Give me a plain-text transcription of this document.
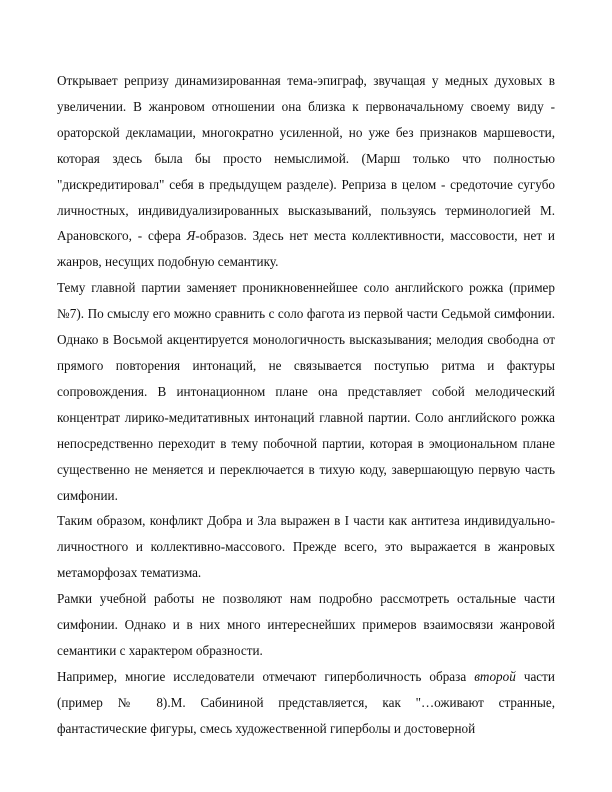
Открывает репризу динамизированная тема-эпиграф, звучащая у медных духовых в увеличении. В жанровом отношении она близка к первоначальному своему виду - ораторской декламации, многократно усиленной, но уже без признаков маршевости, которая здесь была бы просто немыслимой. (Марш только что полностью "дискредитировал" себя в предыдущем разделе). Реприза в целом - средоточие сугубо личностных, индивидуализированных высказываний, пользуясь терминологией М. Арановского, - сфера Я-образов. Здесь нет места коллективности, массовости, нет и жанров, несущих подобную семантику.

Тему главной партии заменяет проникновеннейшее соло английского рожка (пример №7). По смыслу его можно сравнить с соло фагота из первой части Седьмой симфонии. Однако в Восьмой акцентируется монологичность высказывания; мелодия свободна от прямого повторения интонаций, не связывается поступью ритма и фактуры сопровождения. В интонационном плане она представляет собой мелодический концентрат лирико-медитативных интонаций главной партии. Соло английского рожка непосредственно переходит в тему побочной партии, которая в эмоциональном плане существенно не меняется и переключается в тихую коду, завершающую первую часть симфонии.

Таким образом, конфликт Добра и Зла выражен в I части как антитеза индивидуально-личностного и коллективно-массового. Прежде всего, это выражается в жанровых метаморфозах тематизма.

Рамки учебной работы не позволяют нам подробно рассмотреть остальные части симфонии. Однако и в них много интереснейших примеров взаимосвязи жанровой семантики с характером образности.

Например, многие исследователи отмечают гиперболичность образа второй части (пример № 8).М. Сабининой представляется, как "…оживают странные, фантастические фигуры, смесь художественной гиперболы и достоверной
